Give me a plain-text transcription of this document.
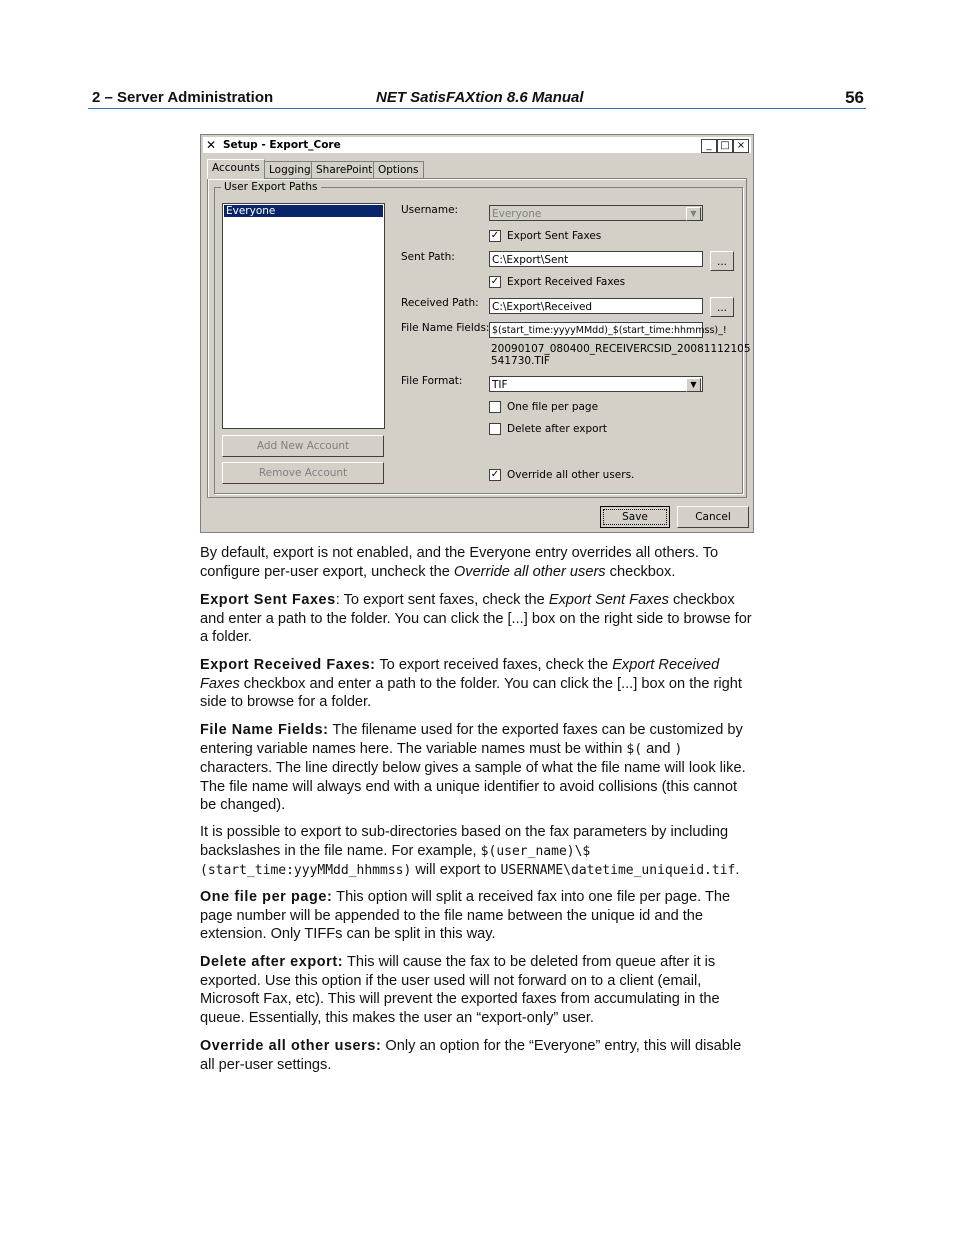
2 – Server Administration	NET SatisFAXtion 8.6 Manual	56
✕ Setup - Export_Core	_ □ ×
Accounts Logging SharePoint Options
User Export Paths
Everyone
Add New Account
Remove Account
Username:	Everyone	▼
✓ Export Sent Faxes
Sent Path:	C:\Export\Sent	...
✓ Export Received Faxes
Received Path: C:\Export\Received	...
File Name Fields: $(start_time:yyyyMMdd)_$(start_time:hhmmss)_!
20090107_080400_RECEIVERCSID_20081112105
541730.TIF
File Format:	TIF	▼
One file per page
Delete after export
✓ Override all other users.
Save	Cancel
By default, export is not enabled, and the Everyone entry overrides all others. To configure per-user export, uncheck the Override all other users checkbox.
Export Sent Faxes: To export sent faxes, check the Export Sent Faxes checkbox and enter a path to the folder. You can click the [...] box on the right side to browse for a folder.
Export Received Faxes: To export received faxes, check the Export Received Faxes checkbox and enter a path to the folder. You can click the [...] box on the right side to browse for a folder.
File Name Fields: The filename used for the exported faxes can be customized by entering variable names here. The variable names must be within $( and ) characters. The line directly below gives a sample of what the file name will look like. The file name will always end with a unique identifier to avoid collisions (this cannot be changed).
It is possible to export to sub-directories based on the fax parameters by including backslashes in the file name. For example, $(user_name)\$ (start_time:yyyMMdd_hhmmss) will export to USERNAME\datetime_uniqueid.tif.
One file per page: This option will split a received fax into one file per page. The page number will be appended to the file name between the unique id and the extension. Only TIFFs can be split in this way.
Delete after export: This will cause the fax to be deleted from queue after it is exported. Use this option if the user used will not forward on to a client (email, Microsoft Fax, etc). This will prevent the exported faxes from accumulating in the queue. Essentially, this makes the user an “export-only” user.
Override all other users: Only an option for the “Everyone” entry, this will disable all per-user settings.
